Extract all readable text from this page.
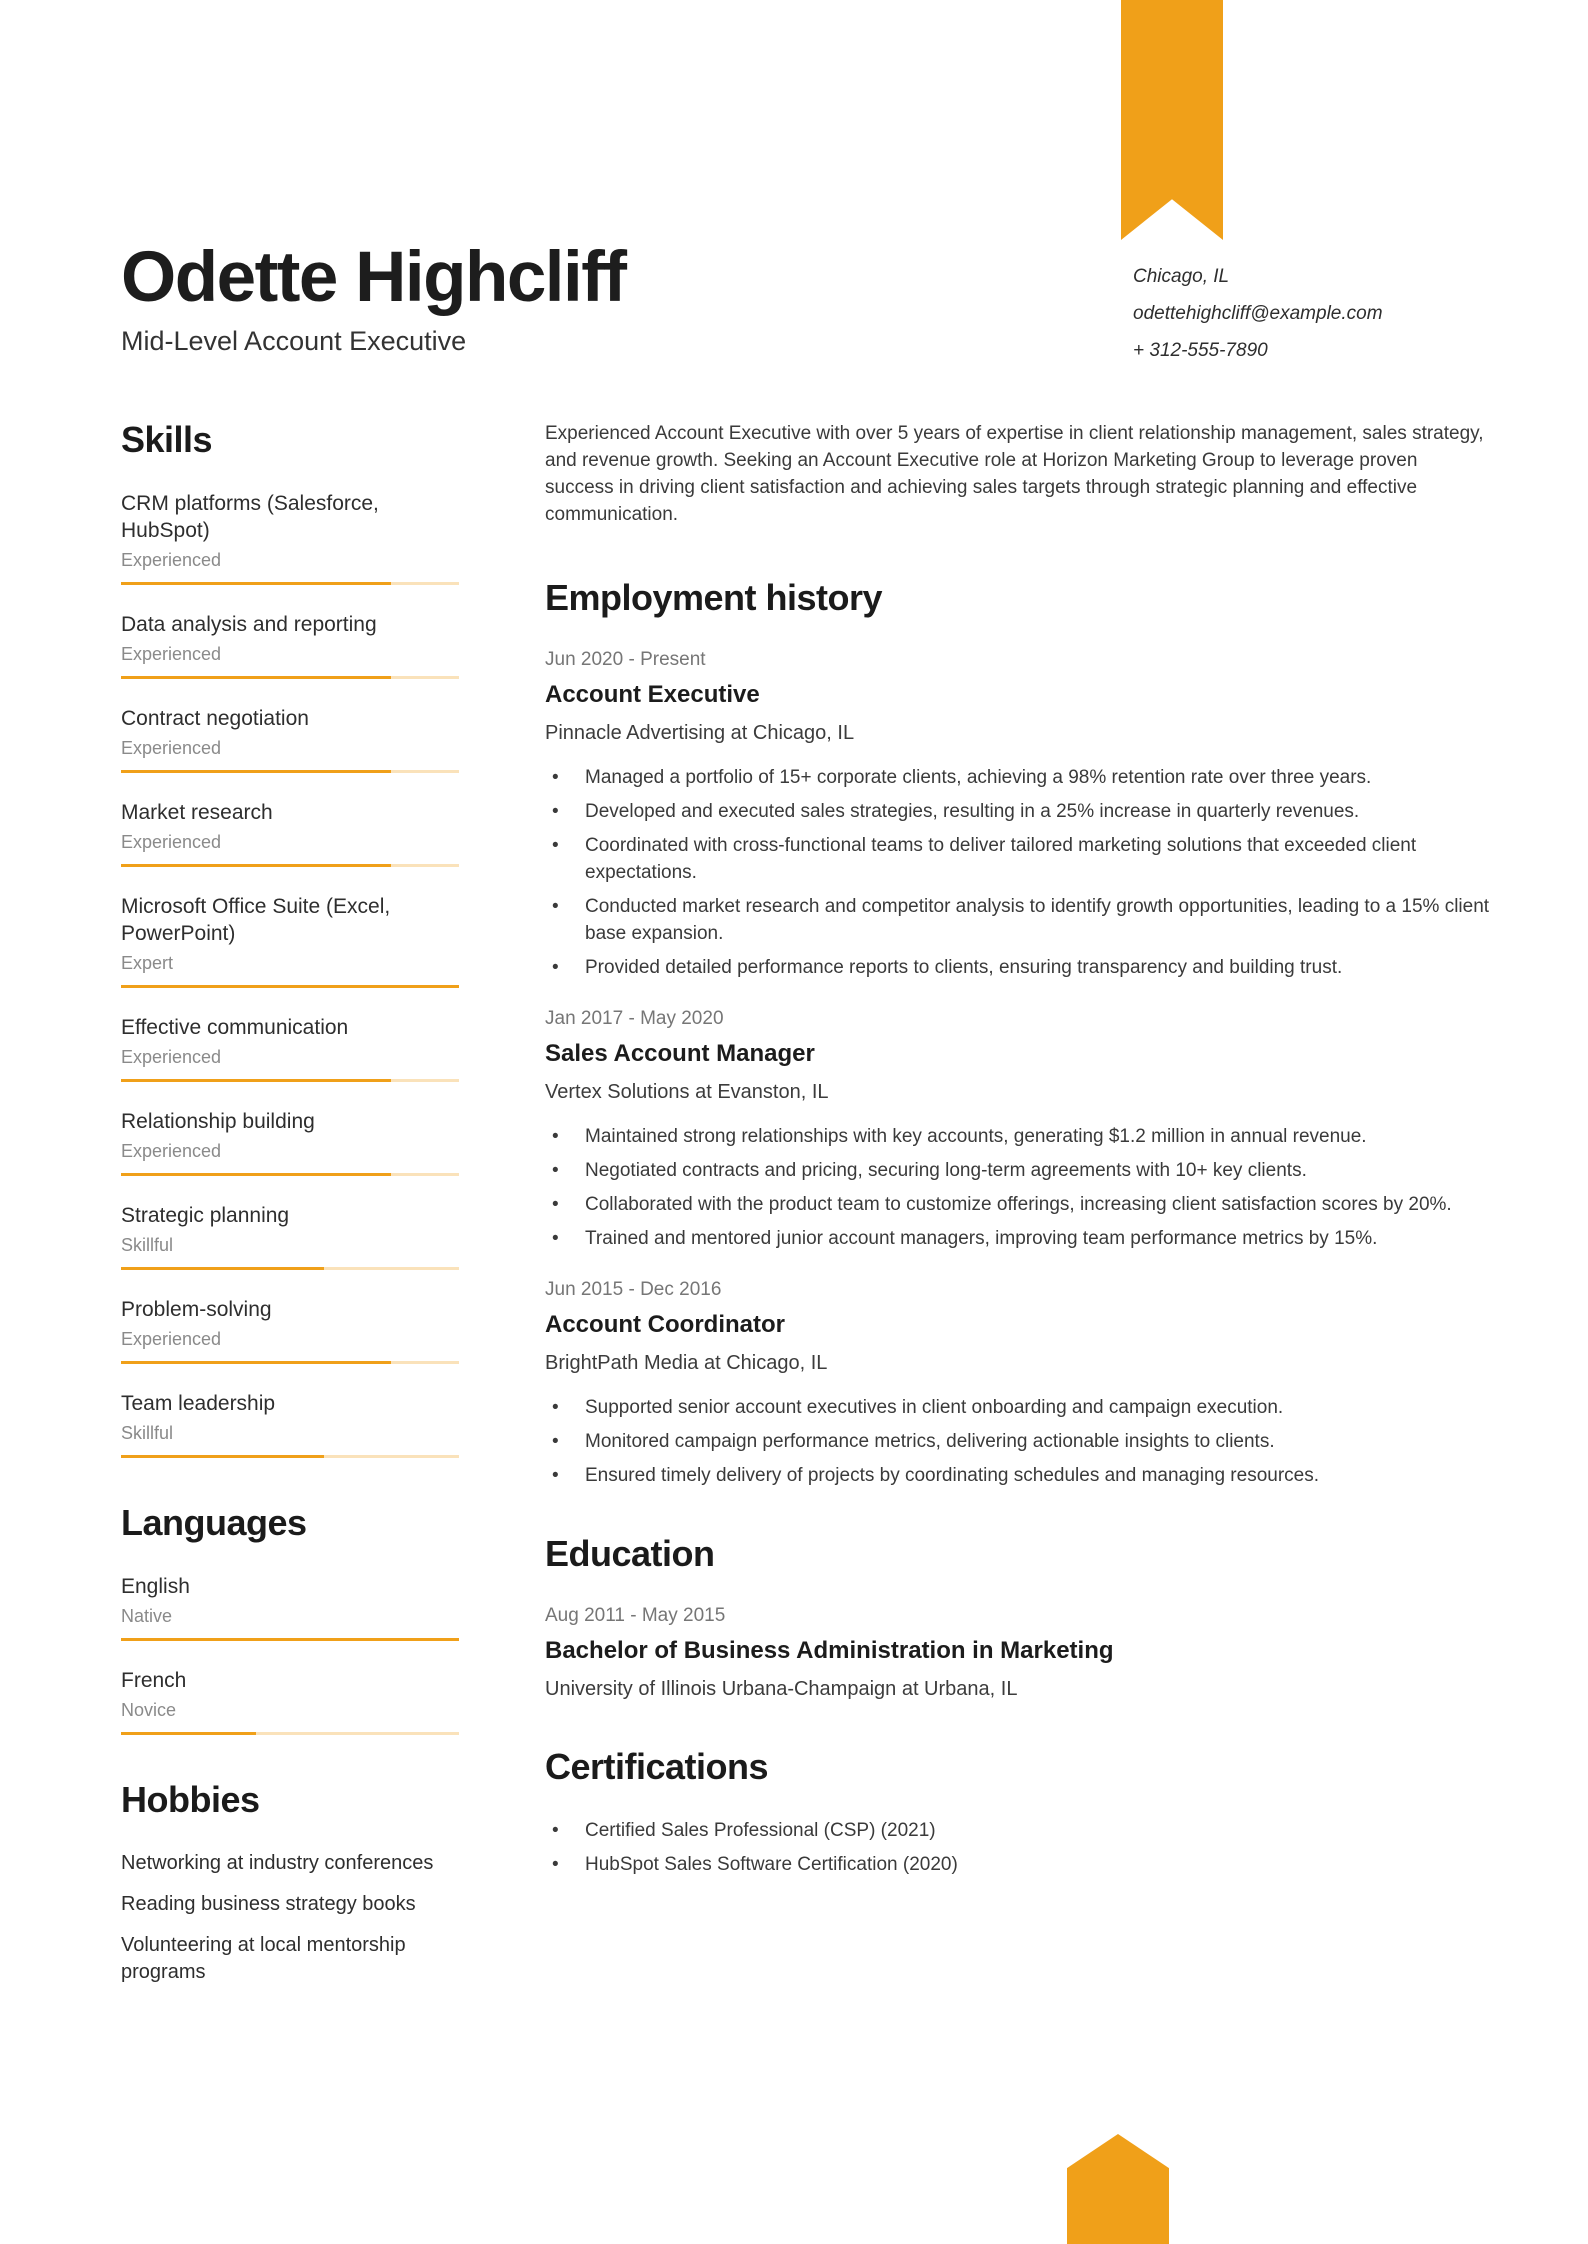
Odette Highcliff
Mid-Level Account Executive
Chicago, IL
odettehighcliff@example.com
+ 312-555-7890
Skills
CRM platforms (Salesforce, HubSpot)
Experienced
Data analysis and reporting
Experienced
Contract negotiation
Experienced
Market research
Experienced
Microsoft Office Suite (Excel, PowerPoint)
Expert
Effective communication
Experienced
Relationship building
Experienced
Strategic planning
Skillful
Problem-solving
Experienced
Team leadership
Skillful
Languages
English
Native
French
Novice
Hobbies
Networking at industry conferences
Reading business strategy books
Volunteering at local mentorship programs
Experienced Account Executive with over 5 years of expertise in client relationship management, sales strategy, and revenue growth. Seeking an Account Executive role at Horizon Marketing Group to leverage proven success in driving client satisfaction and achieving sales targets through strategic planning and effective communication.
Employment history
Jun 2020 - Present
Account Executive
Pinnacle Advertising at Chicago, IL
• Managed a portfolio of 15+ corporate clients, achieving a 98% retention rate over three years.
• Developed and executed sales strategies, resulting in a 25% increase in quarterly revenues.
• Coordinated with cross-functional teams to deliver tailored marketing solutions that exceeded client expectations.
• Conducted market research and competitor analysis to identify growth opportunities, leading to a 15% client base expansion.
• Provided detailed performance reports to clients, ensuring transparency and building trust.
Jan 2017 - May 2020
Sales Account Manager
Vertex Solutions at Evanston, IL
• Maintained strong relationships with key accounts, generating $1.2 million in annual revenue.
• Negotiated contracts and pricing, securing long-term agreements with 10+ key clients.
• Collaborated with the product team to customize offerings, increasing client satisfaction scores by 20%.
• Trained and mentored junior account managers, improving team performance metrics by 15%.
Jun 2015 - Dec 2016
Account Coordinator
BrightPath Media at Chicago, IL
• Supported senior account executives in client onboarding and campaign execution.
• Monitored campaign performance metrics, delivering actionable insights to clients.
• Ensured timely delivery of projects by coordinating schedules and managing resources.
Education
Aug 2011 - May 2015
Bachelor of Business Administration in Marketing
University of Illinois Urbana-Champaign at Urbana, IL
Certifications
• Certified Sales Professional (CSP) (2021)
• HubSpot Sales Software Certification (2020)
